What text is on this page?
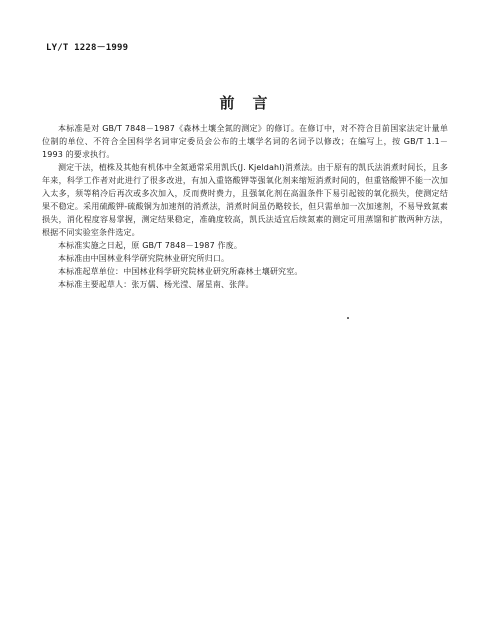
LY/T 1228－1999
前言

本标准是对 GB/T 7848－1987《森林土壤全氮的测定》的修订。在修订中，对不符合目前国家法定计量单位制的单位、不符合全国科学名词审定委员会公布的土壤学名词的名词予以修改；在编写上，按 GB/T 1.1－1993 的要求执行。

测定干法，植株及其他有机体中全氮通常采用凯氏(J. Kjeldahl)消煮法。由于原有的凯氏法消煮时间长，且多年来，科学工作者对此进行了很多改进，有加入重铬酸钾等强氧化剂来缩短消煮时间的，但重铬酸钾不能一次加入太多，须等稍冷后再次或多次加入，反而费时费力，且强氧化剂在高温条件下易引起铵的氧化损失，使测定结果不稳定。采用硫酸钾-硫酸铜为加速剂的消煮法，消煮时间虽仍略较长，但只需单加一次加速剂，不易导致氮素损失，消化程度容易掌握，测定结果稳定，准确度较高，凯氏法适宜后续氮素的测定可用蒸馏和扩散两种方法，根据不同实验室条件选定。

本标准实施之日起，原 GB/T 7848－1987 作废。

本标准由中国林业科学研究院林业研究所归口。

本标准起草单位：中国林业科学研究院林业研究所森林土壤研究室。

本标准主要起草人：张万儒、杨光滢、屠星南、张萍。
